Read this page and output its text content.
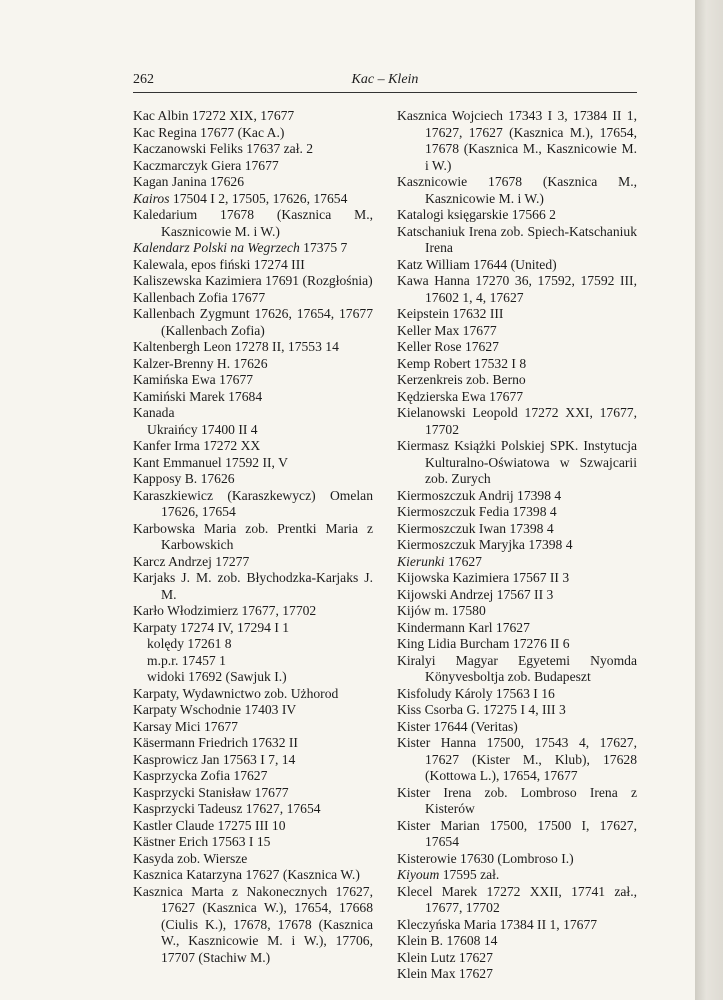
262	Kac – Klein
Kac Albin 17272 XIX, 17677
Kac Regina 17677 (Kac A.)
Kaczanowski Feliks 17637 zał. 2
Kaczmarczyk Giera 17677
Kagan Janina 17626
Kairos 17504 I 2, 17505, 17626, 17654
Kaledarium 17678 (Kasznica M., Kasznicowie M. i W.)
Kalendarz Polski na Wegrzech 17375 7
Kalewala, epos fiński 17274 III
Kaliszewska Kazimiera 17691 (Rozgłośnia)
Kallenbach Zofia 17677
Kallenbach Zygmunt 17626, 17654, 17677 (Kallenbach Zofia)
Kaltenbergh Leon 17278 II, 17553 14
Kalzer-Brenny H. 17626
Kamińska Ewa 17677
Kamiński Marek 17684
Kanada
Ukraińcy 17400 II 4
Kanfer Irma 17272 XX
Kant Emmanuel 17592 II, V
Kapposy B. 17626
Karaszkiewicz (Karaszkewycz) Omelan 17626, 17654
Karbowska Maria zob. Prentki Maria z Karbowskich
Karcz Andrzej 17277
Karjaks J. M. zob. Błychodzka-Karjaks J. M.
Karło Włodzimierz 17677, 17702
Karpaty 17274 IV, 17294 I 1
kolędy 17261 8
m.p.r. 17457 1
widoki 17692 (Sawjuk I.)
Karpaty, Wydawnictwo zob. Użhorod
Karpaty Wschodnie 17403 IV
Karsay Mici 17677
Käsermann Friedrich 17632 II
Kasprowicz Jan 17563 I 7, 14
Kasprzycka Zofia 17627
Kasprzycki Stanisław 17677
Kasprzycki Tadeusz 17627, 17654
Kastler Claude 17275 III 10
Kästner Erich 17563 I 15
Kasyda zob. Wiersze
Kasznica Katarzyna 17627 (Kasznica W.)
Kasznica Marta z Nakonecznych 17627, 17627 (Kasznica W.), 17654, 17668 (Ciulis K.), 17678, 17678 (Kasznica W., Kasznicowie M. i W.), 17706, 17707 (Stachiw M.)
Kasznica Wojciech 17343 I 3, 17384 II 1, 17627, 17627 (Kasznica M.), 17654, 17678 (Kasznica M., Kasznicowie M. i W.)
Kasznicowie 17678 (Kasznica M., Kasznicowie M. i W.)
Katalogi księgarskie 17566 2
Katschaniuk Irena zob. Spiech-Katschaniuk Irena
Katz William 17644 (United)
Kawa Hanna 17270 36, 17592, 17592 III, 17602 1, 4, 17627
Keipstein 17632 III
Keller Max 17677
Keller Rose 17627
Kemp Robert 17532 I 8
Kerzenkreis zob. Berno
Kędzierska Ewa 17677
Kielanowski Leopold 17272 XXI, 17677, 17702
Kiermasz Książki Polskiej SPK. Instytucja Kulturalno-Oświatowa w Szwajcarii zob. Zurych
Kiermoszczuk Andrij 17398 4
Kiermoszczuk Fedia 17398 4
Kiermoszczuk Iwan 17398 4
Kiermoszczuk Maryjka 17398 4
Kierunki 17627
Kijowska Kazimiera 17567 II 3
Kijowski Andrzej 17567 II 3
Kijów m. 17580
Kindermann Karl 17627
King Lidia Burcham 17276 II 6
Kiralyi Magyar Egyetemi Nyomda Könyvesboltja zob. Budapeszt
Kisfoludy Károly 17563 I 16
Kiss Csorba G. 17275 I 4, III 3
Kister 17644 (Veritas)
Kister Hanna 17500, 17543 4, 17627, 17627 (Kister M., Klub), 17628 (Kottowa L.), 17654, 17677
Kister Irena zob. Lombroso Irena z Kisterów
Kister Marian 17500, 17500 I, 17627, 17654
Kisterowie 17630 (Lombroso I.)
Kiyoum 17595 zał.
Klecel Marek 17272 XXII, 17741 zał., 17677, 17702
Kleczyńska Maria 17384 II 1, 17677
Klein B. 17608 14
Klein Lutz 17627
Klein Max 17627
